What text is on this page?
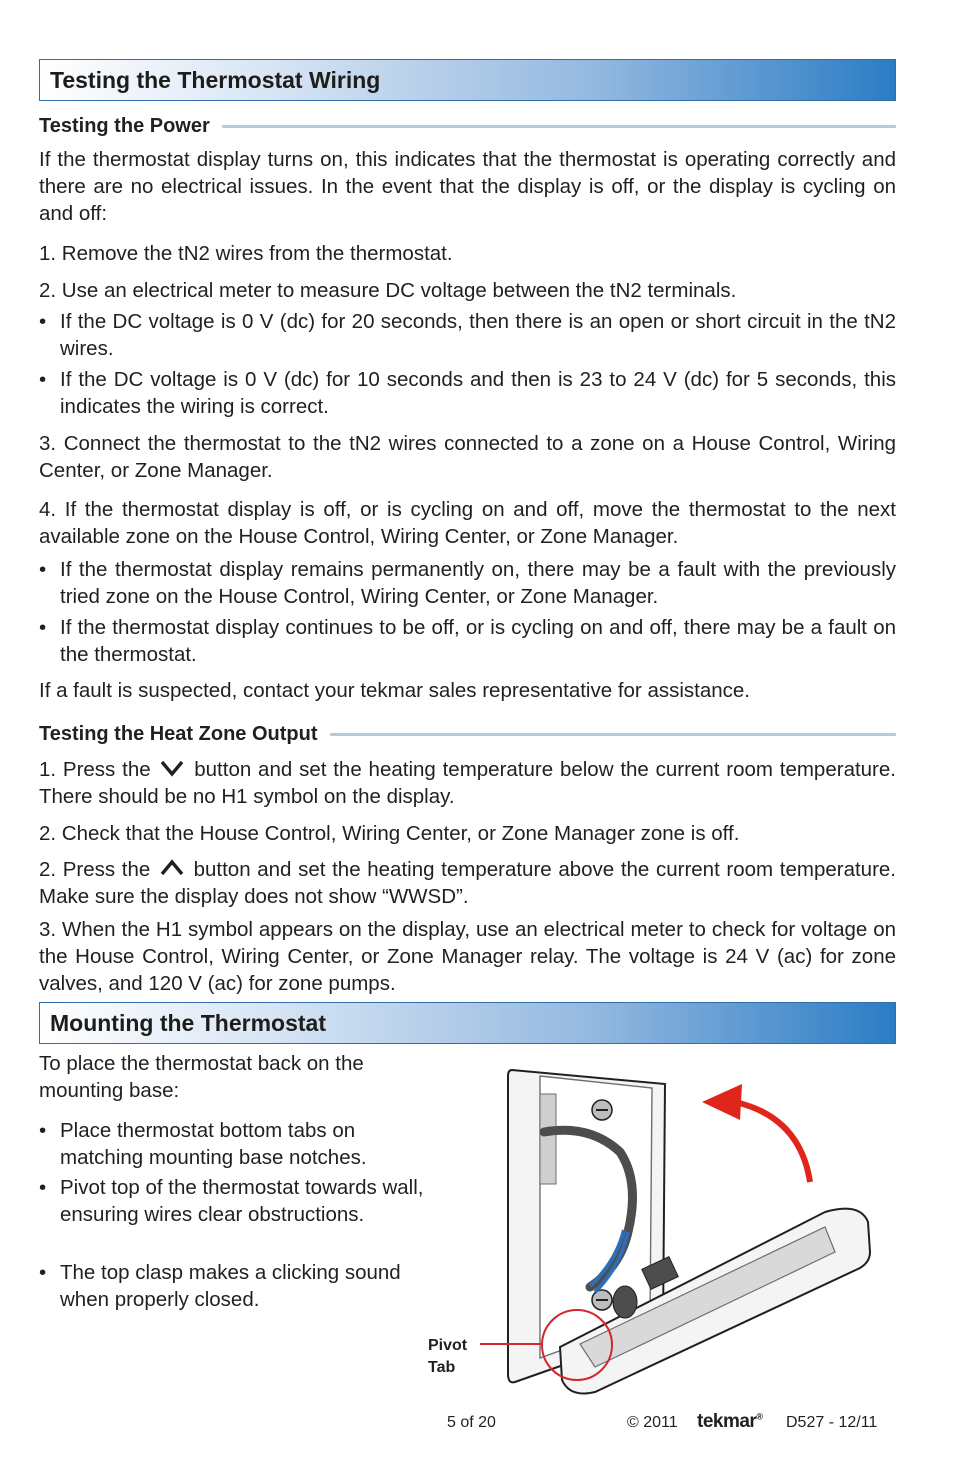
Testing the Thermostat Wiring
Testing the Power

If the thermostat display turns on, this indicates that the thermostat is operating correctly and there are no electrical issues. In the event that the display is off, or the display is cycling on and off:

1. Remove the tN2 wires from the thermostat.

2. Use an electrical meter to measure DC voltage between the tN2 terminals.

• If the DC voltage is 0 V (dc) for 20 seconds, then there is an open or short circuit in the tN2 wires.
• If the DC voltage is 0 V (dc) for 10 seconds and then is 23 to 24 V (dc) for 5 seconds, this indicates the wiring is correct.

3. Connect the thermostat to the tN2 wires connected to a zone on a House Control, Wiring Center, or Zone Manager.

4. If the thermostat display is off, or is cycling on and off, move the thermostat to the next available zone on the House Control, Wiring Center, or Zone Manager.

• If the thermostat display remains permanently on, there may be a fault with the previously tried zone on the House Control, Wiring Center, or Zone Manager.
• If the thermostat display continues to be off, or is cycling on and off, there may be a fault on the thermostat.

If a fault is suspected, contact your tekmar sales representative for assistance.

Testing the Heat Zone Output

1. Press the button and set the heating temperature below the current room temperature. There should be no H1 symbol on the display.

2. Check that the House Control, Wiring Center, or Zone Manager zone is off.

2. Press the button and set the heating temperature above the current room temperature. Make sure the display does not show “WWSD”.

3. When the H1 symbol appears on the display, use an electrical meter to check for voltage on the House Control, Wiring Center, or Zone Manager relay. The voltage is 24 V (ac) for zone valves, and 120 V (ac) for zone pumps.

Mounting the Thermostat

To place the thermostat back on the mounting base:

• Place thermostat bottom tabs on matching mounting base notches.
• Pivot top of the thermostat towards wall, ensuring wires clear obstructions.
• The top clasp makes a clicking sound when properly closed.
Pivot
Tab
5 of 20	© 2011 tekmar® D527 - 12/11
